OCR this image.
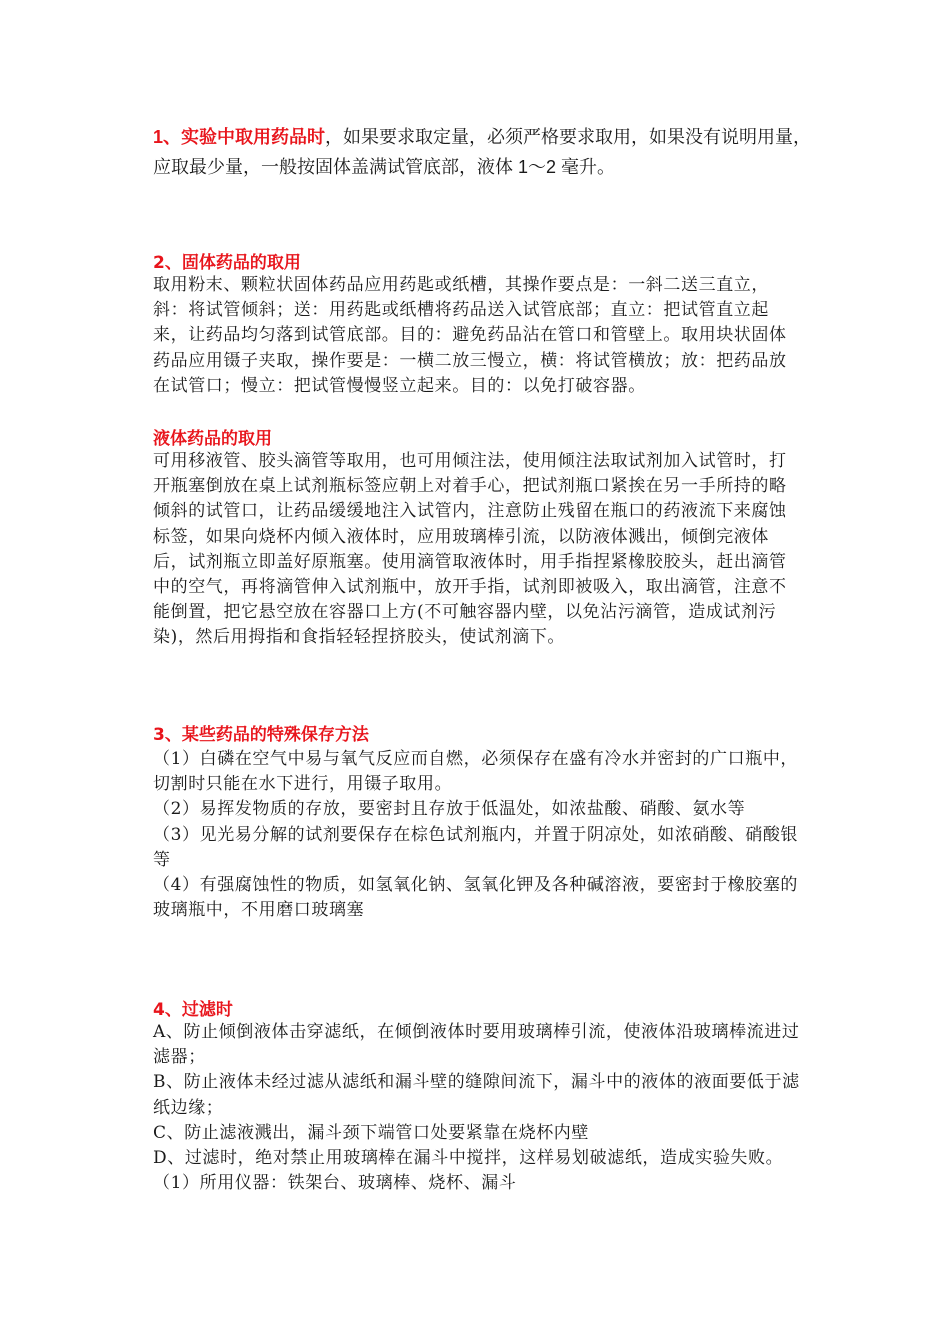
1、实验中取用药品时，如果要求取定量，必须严格要求取用，如果没有说明用量，应取最少量，一般按固体盖满试管底部，液体 1～2 毫升。
2、固体药品的取用

取用粉末、颗粒状固体药品应用药匙或纸槽，其操作要点是：一斜二送三直立，斜：将试管倾斜；送：用药匙或纸槽将药品送入试管底部；直立：把试管直立起来，让药品均匀落到试管底部。目的：避免药品沾在管口和管壁上。取用块状固体药品应用镊子夹取，操作要是：一横二放三慢立，横：将试管横放；放：把药品放在试管口；慢立：把试管慢慢竖立起来。目的：以免打破容器。

液体药品的取用

可用移液管、胶头滴管等取用，也可用倾注法，使用倾注法取试剂加入试管时，打开瓶塞倒放在桌上试剂瓶标签应朝上对着手心，把试剂瓶口紧挨在另一手所持的略倾斜的试管口，让药品缓缓地注入试管内，注意防止残留在瓶口的药液流下来腐蚀标签，如果向烧杯内倾入液体时，应用玻璃棒引流，以防液体溅出，倾倒完液体后，试剂瓶立即盖好原瓶塞。使用滴管取液体时，用手指捏紧橡胶胶头，赶出滴管中的空气，再将滴管伸入试剂瓶中，放开手指，试剂即被吸入，取出滴管，注意不能倒置，把它悬空放在容器口上方(不可触容器内壁，以免沾污滴管，造成试剂污染)，然后用拇指和食指轻轻捏挤胶头，使试剂滴下。

3、某些药品的特殊保存方法

（1）白磷在空气中易与氧气反应而自燃，必须保存在盛有冷水并密封的广口瓶中，切割时只能在水下进行，用镊子取用。

（2）易挥发物质的存放，要密封且存放于低温处，如浓盐酸、硝酸、氨水等

（3）见光易分解的试剂要保存在棕色试剂瓶内，并置于阴凉处，如浓硝酸、硝酸银等

（4）有强腐蚀性的物质，如氢氧化钠、氢氧化钾及各种碱溶液，要密封于橡胶塞的玻璃瓶中，不用磨口玻璃塞

4、过滤时

A、防止倾倒液体击穿滤纸，在倾倒液体时要用玻璃棒引流，使液体沿玻璃棒流进过滤器；

B、防止液体未经过滤从滤纸和漏斗壁的缝隙间流下，漏斗中的液体的液面要低于滤纸边缘；

C、防止滤液溅出，漏斗颈下端管口处要紧靠在烧杯内壁

D、过滤时，绝对禁止用玻璃棒在漏斗中搅拌，这样易划破滤纸，造成实验失败。

（1）所用仪器：铁架台、玻璃棒、烧杯、漏斗
